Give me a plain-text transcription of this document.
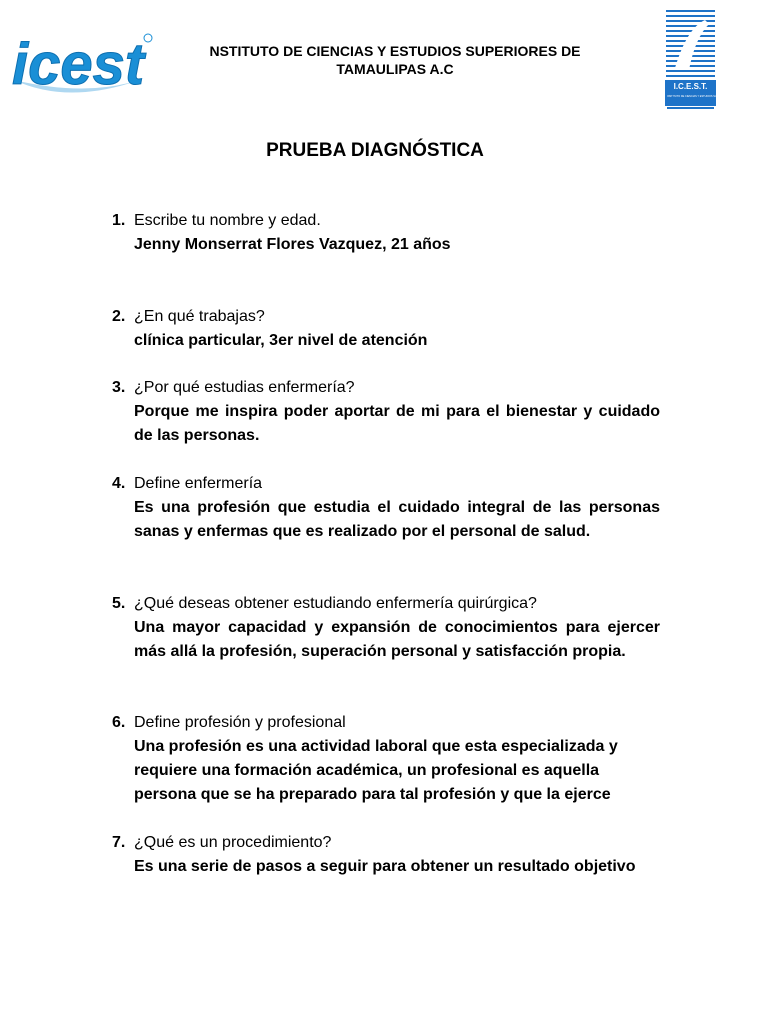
icest	NSTITUTO DE CIENCIAS Y ESTUDIOS SUPERIORES DE
TAMAULIPAS A.C
I.C.E.S.T.
INSTITUTO DE CIENCIAS Y ESTUDIOS SUPERIORES DE TAMAULIPAS, A. C.
PRUEBA DIAGNÓSTICA
1. Escribe tu nombre y edad.
Jenny Monserrat Flores Vazquez, 21 años
2. ¿En qué trabajas?
clínica particular, 3er nivel de atención
3. ¿Por qué estudias enfermería?
Porque me inspira poder aportar de mi para el bienestar y cuidado de las personas.
4. Define enfermería
Es una profesión que estudia el cuidado integral de las personas sanas y enfermas que es realizado por el personal de salud.
5. ¿Qué deseas obtener estudiando enfermería quirúrgica?
Una mayor capacidad y expansión de conocimientos para ejercer más allá la profesión, superación personal y satisfacción propia.
6. Define profesión y profesional
Una profesión es una actividad laboral que esta especializada y requiere una formación académica, un profesional es aquella persona que se ha preparado para tal profesión y que la ejerce
7. ¿Qué es un procedimiento?
Es una serie de pasos a seguir para obtener un resultado objetivo
